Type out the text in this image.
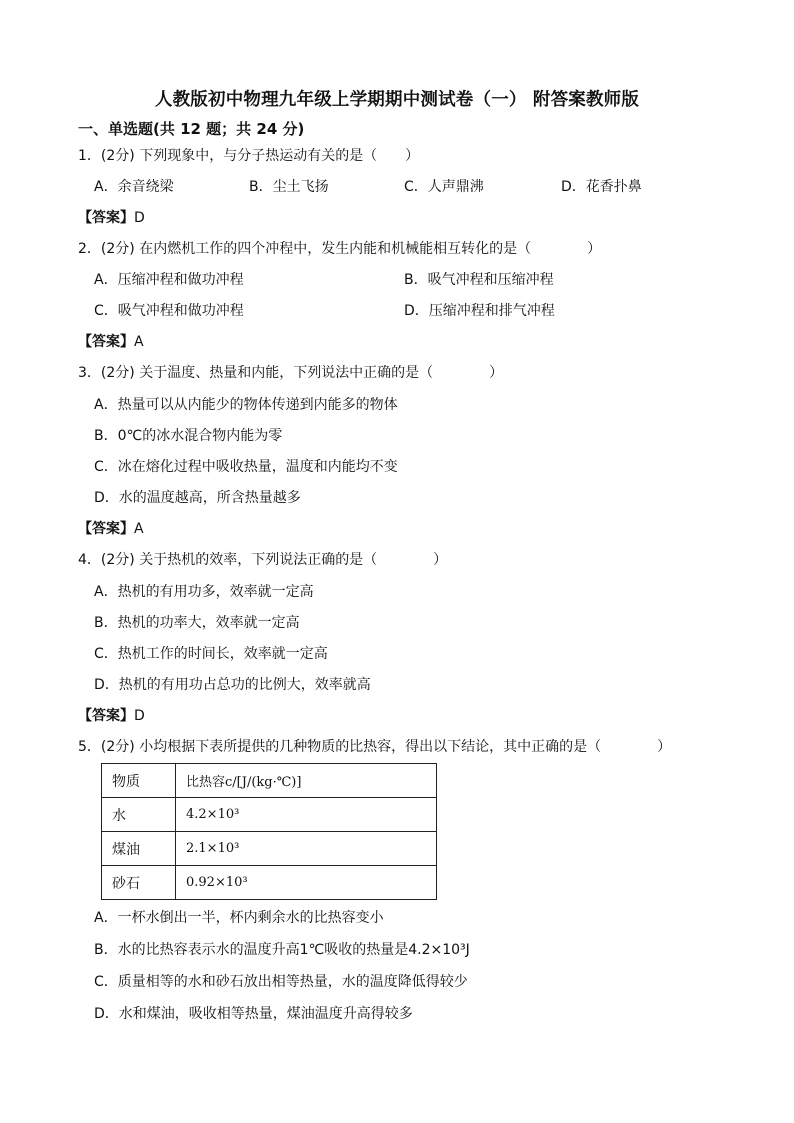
人教版初中物理九年级上学期期中测试卷（一） 附答案教师版
一、单选题(共 12 题；共 24 分)
1．(2分) 下列现象中，与分子热运动有关的是（　　）
A．余音绕梁	B．尘土飞扬	C．人声鼎沸	D．花香扑鼻
【答案】D
2．(2分) 在内燃机工作的四个冲程中，发生内能和机械能相互转化的是（　　　　）
A．压缩冲程和做功冲程	B．吸气冲程和压缩冲程
C．吸气冲程和做功冲程	D．压缩冲程和排气冲程
【答案】A
3．(2分) 关于温度、热量和内能，下列说法中正确的是（　　　　）
A．热量可以从内能少的物体传递到内能多的物体
B．0℃的冰水混合物内能为零
C．冰在熔化过程中吸收热量，温度和内能均不变
D．水的温度越高，所含热量越多
【答案】A
4．(2分) 关于热机的效率，下列说法正确的是（　　　　）
A．热机的有用功多，效率就一定高
B．热机的功率大，效率就一定高
C．热机工作的时间长，效率就一定高
D．热机的有用功占总功的比例大，效率就高
【答案】D
5．(2分) 小均根据下表所提供的几种物质的比热容，得出以下结论，其中正确的是（　　　　）
物质	比热容c/[J/(kg·℃)]
水	4.2×10³
煤油	2.1×10³
砂石	0.92×10³
A．一杯水倒出一半，杯内剩余水的比热容变小
B．水的比热容表示水的温度升高1℃吸收的热量是4.2×10³J
C．质量相等的水和砂石放出相等热量，水的温度降低得较少
D．水和煤油，吸收相等热量，煤油温度升高得较多
